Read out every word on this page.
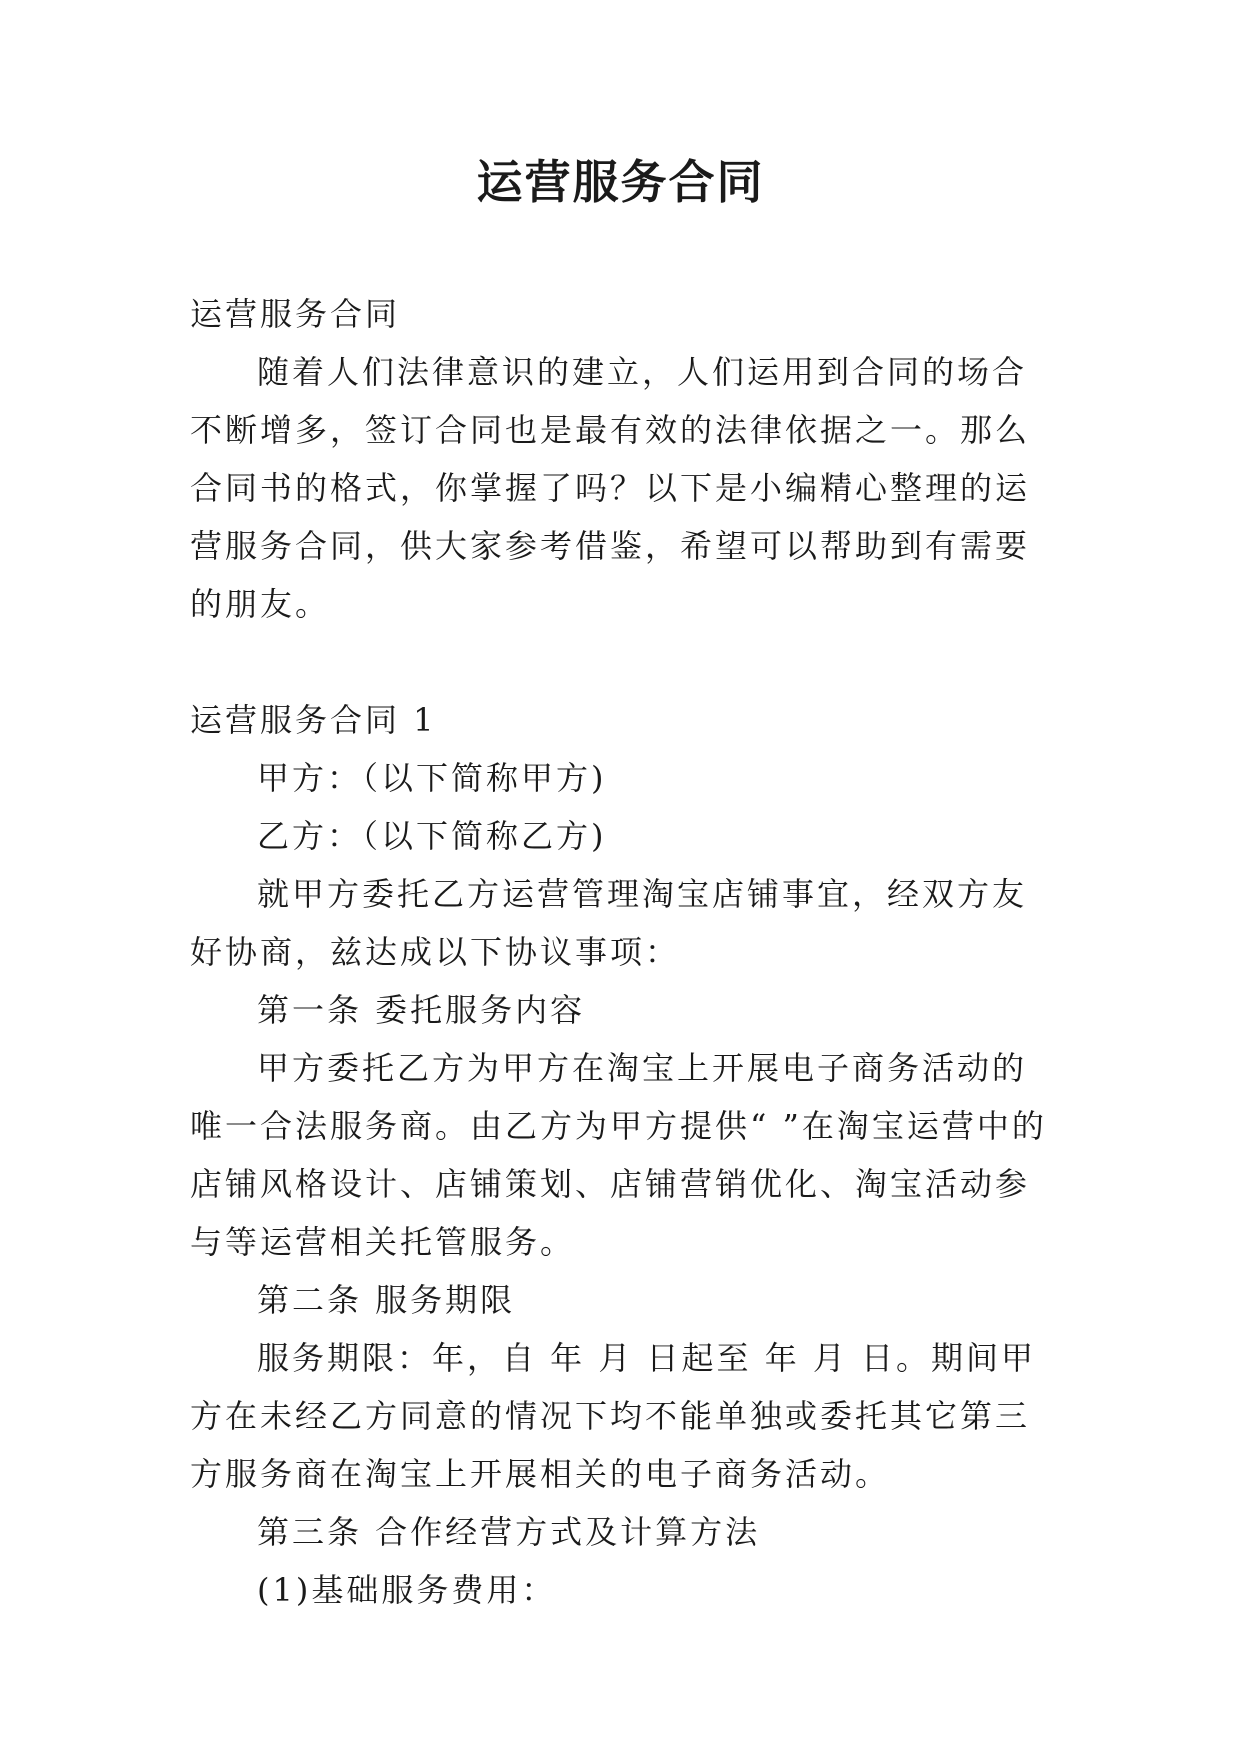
运营服务合同

运营服务合同

随着人们法律意识的建立，人们运用到合同的场合不断增多，签订合同也是最有效的法律依据之一。那么合同书的格式，你掌握了吗？以下是小编精心整理的运营服务合同，供大家参考借鉴，希望可以帮助到有需要的朋友。

运营服务合同 1

甲方：（以下简称甲方)

乙方：（以下简称乙方)

就甲方委托乙方运营管理淘宝店铺事宜，经双方友好协商，兹达成以下协议事项：

第一条 委托服务内容

甲方委托乙方为甲方在淘宝上开展电子商务活动的唯一合法服务商。由乙方为甲方提供“ ”在淘宝运营中的店铺风格设计、店铺策划、店铺营销优化、淘宝活动参与等运营相关托管服务。

第二条 服务期限

服务期限：年，自 年 月 日起至 年 月 日。期间甲方在未经乙方同意的情况下均不能单独或委托其它第三方服务商在淘宝上开展相关的电子商务活动。

第三条 合作经营方式及计算方法

(1)基础服务费用：
